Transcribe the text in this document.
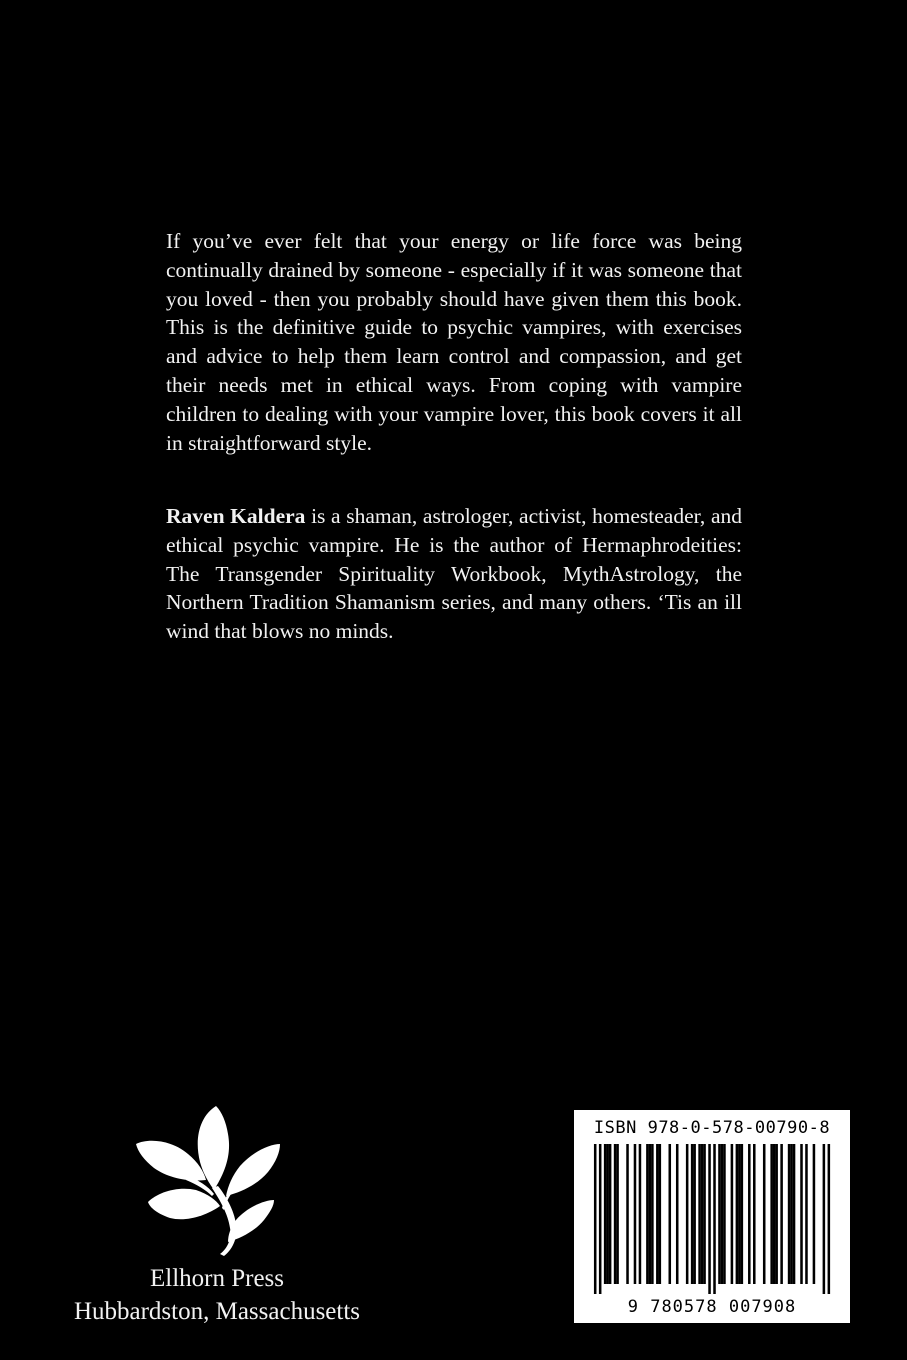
If you’ve ever felt that your energy or life force was being continually drained by someone - especially if it was someone that you loved - then you probably should have given them this book. This is the definitive guide to psychic vampires, with exercises and advice to help them learn control and compassion, and get their needs met in ethical ways. From coping with vampire children to dealing with your vampire lover, this book covers it all in straightforward style.

Raven Kaldera is a shaman, astrologer, activist, homesteader, and ethical psychic vampire. He is the author of Hermaphrodeities: The Transgender Spirituality Workbook, MythAstrology, the Northern Tradition Shamanism series, and many others. ‘Tis an ill wind that blows no minds.

Ellhorn Press
Hubbardston, Massachusetts
ISBN 978-0-578-00790-8
9 780578 007908
